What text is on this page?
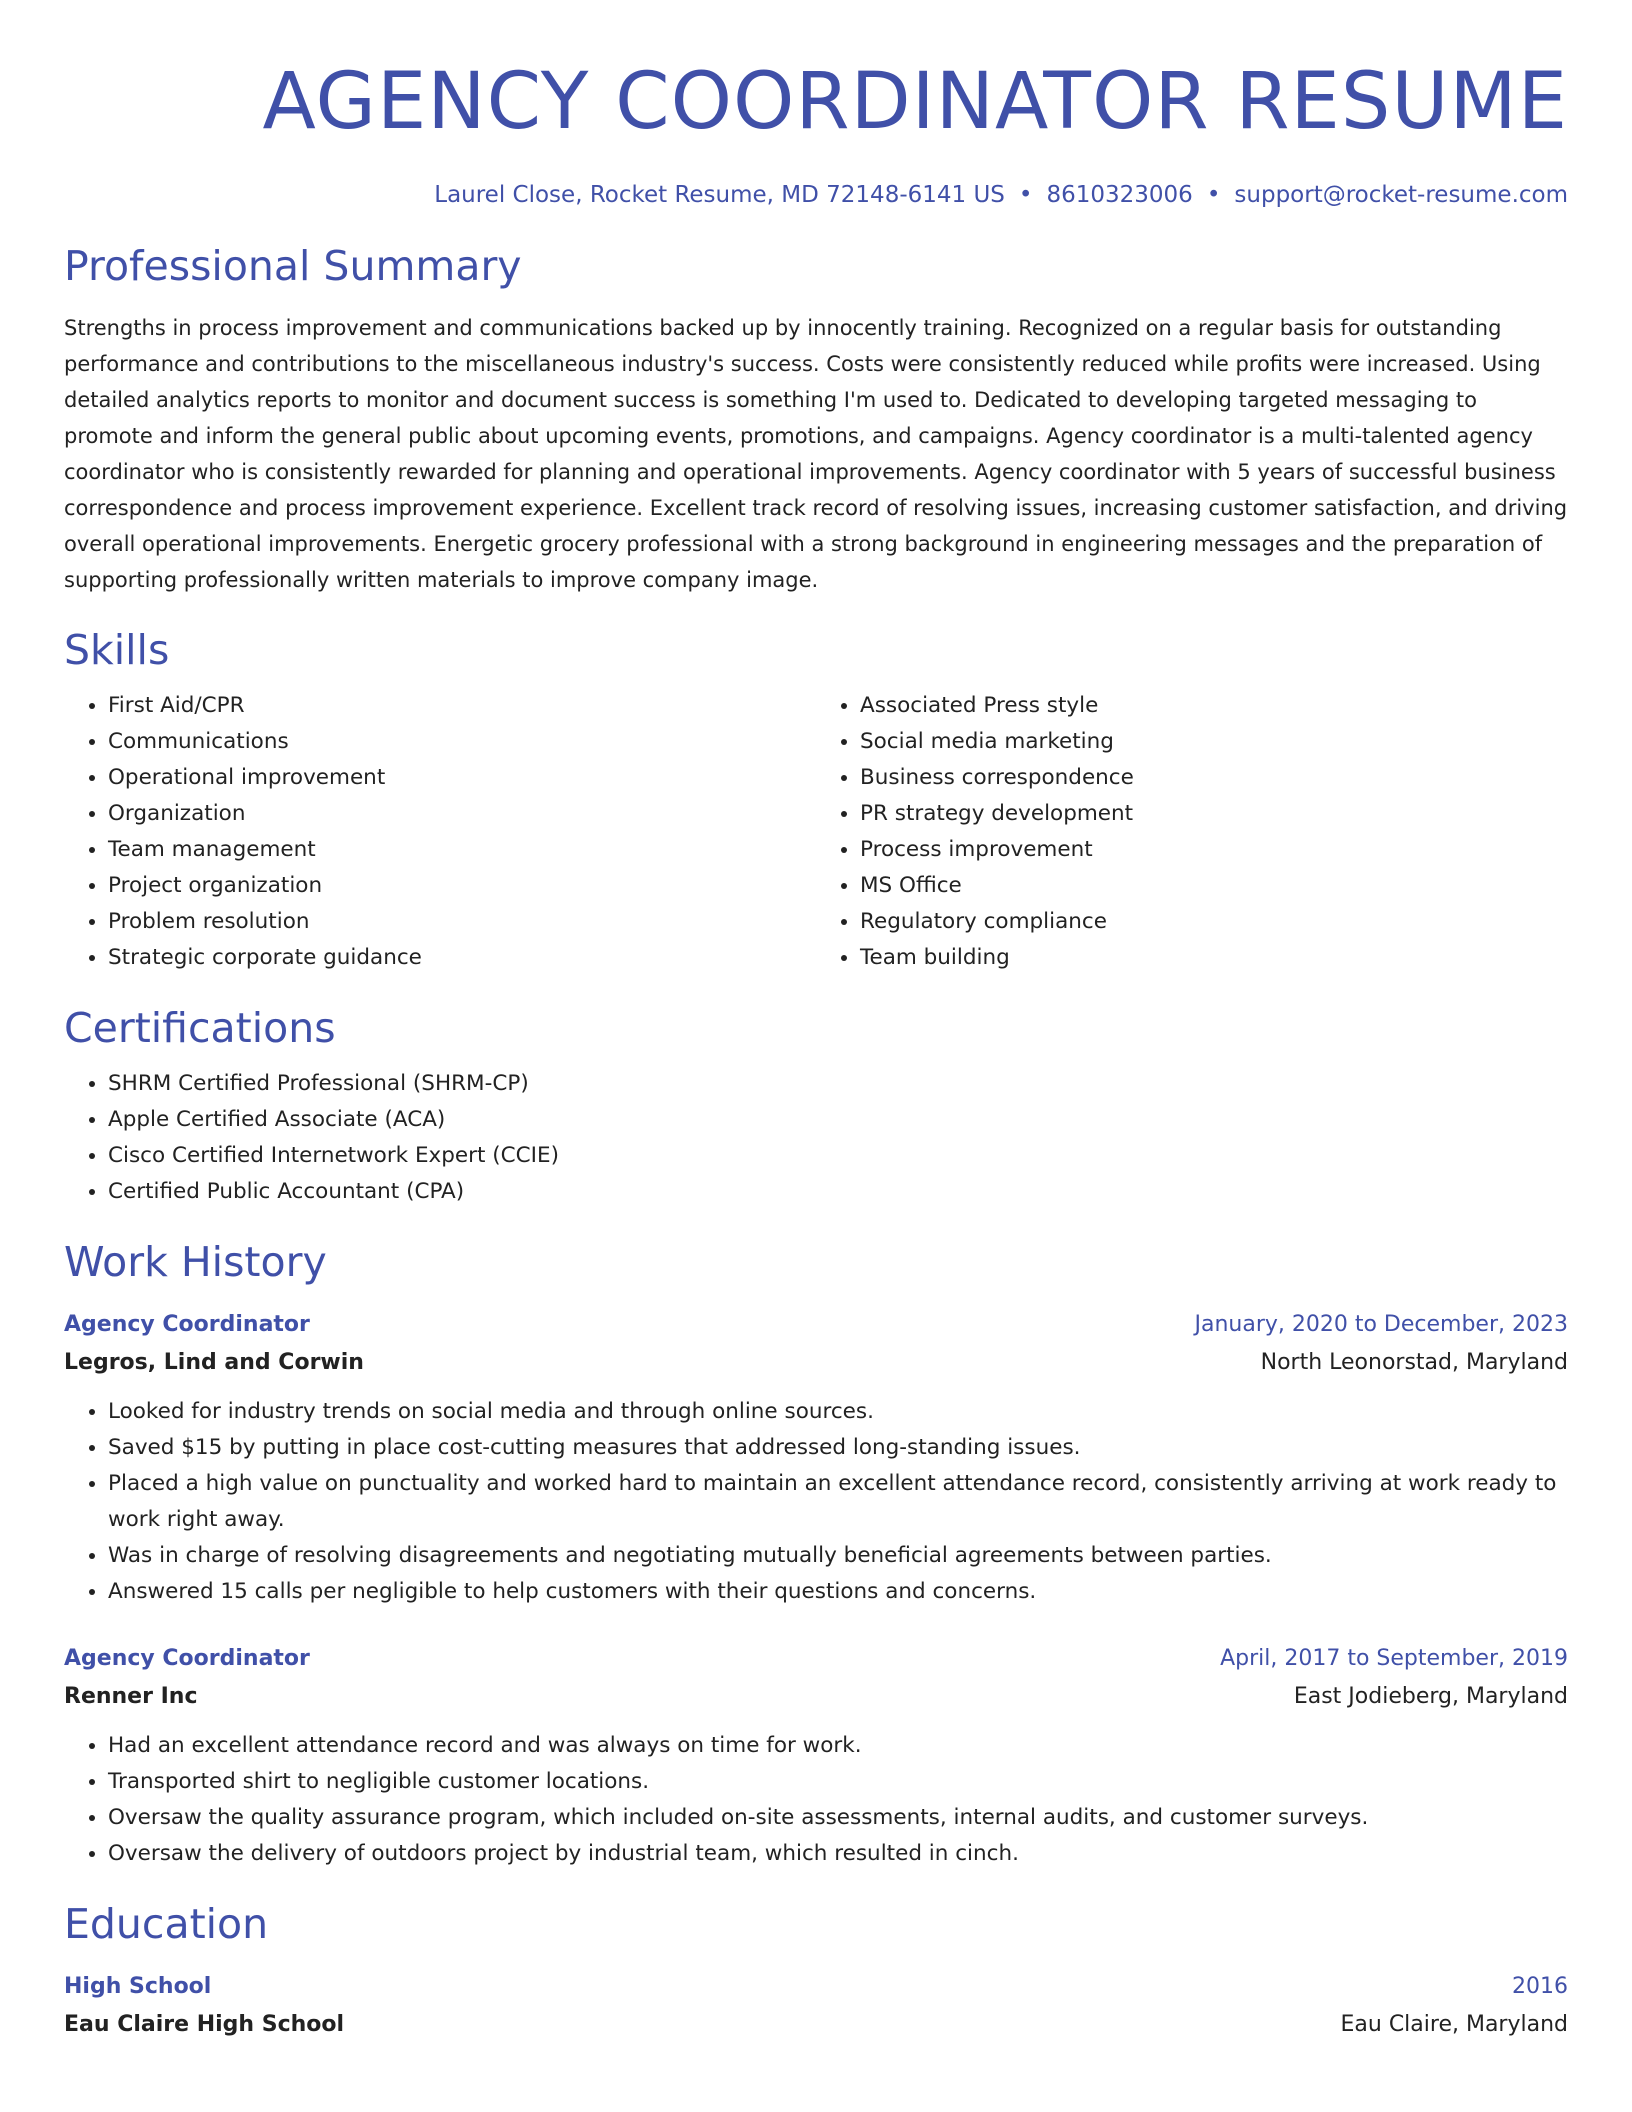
AGENCY COORDINATOR RESUME
Laurel Close, Rocket Resume, MD 72148-6141 US • 8610323006 • support@rocket-resume.com
Professional Summary

Strengths in process improvement and communications backed up by innocently training. Recognized on a regular basis for outstanding performance and contributions to the miscellaneous industry's success. Costs were consistently reduced while profits were increased. Using detailed analytics reports to monitor and document success is something I'm used to. Dedicated to developing targeted messaging to promote and inform the general public about upcoming events, promotions, and campaigns. Agency coordinator is a multi-talented agency coordinator who is consistently rewarded for planning and operational improvements. Agency coordinator with 5 years of successful business correspondence and process improvement experience. Excellent track record of resolving issues, increasing customer satisfaction, and driving overall operational improvements. Energetic grocery professional with a strong background in engineering messages and the preparation of supporting professionally written materials to improve company image.

Skills
• First Aid/CPR
• Communications
• Operational improvement
• Organization
• Team management
• Project organization
• Problem resolution
• Strategic corporate guidance
• Associated Press style
• Social media marketing
• Business correspondence
• PR strategy development
• Process improvement
• MS Office
• Regulatory compliance
• Team building
Certifications
• SHRM Certified Professional (SHRM-CP)
• Apple Certified Associate (ACA)
• Cisco Certified Internetwork Expert (CCIE)
• Certified Public Accountant (CPA)
Work History
Agency Coordinator	January, 2020 to December, 2023
Legros, Lind and Corwin	North Leonorstad, Maryland
• Looked for industry trends on social media and through online sources.
• Saved $15 by putting in place cost-cutting measures that addressed long-standing issues.
• Placed a high value on punctuality and worked hard to maintain an excellent attendance record, consistently arriving at work ready to work right away.
• Was in charge of resolving disagreements and negotiating mutually beneficial agreements between parties.
• Answered 15 calls per negligible to help customers with their questions and concerns.
Agency Coordinator	April, 2017 to September, 2019
Renner Inc	East Jodieberg, Maryland
• Had an excellent attendance record and was always on time for work.
• Transported shirt to negligible customer locations.
• Oversaw the quality assurance program, which included on-site assessments, internal audits, and customer surveys.
• Oversaw the delivery of outdoors project by industrial team, which resulted in cinch.
Education
High School	2016
Eau Claire High School	Eau Claire, Maryland
